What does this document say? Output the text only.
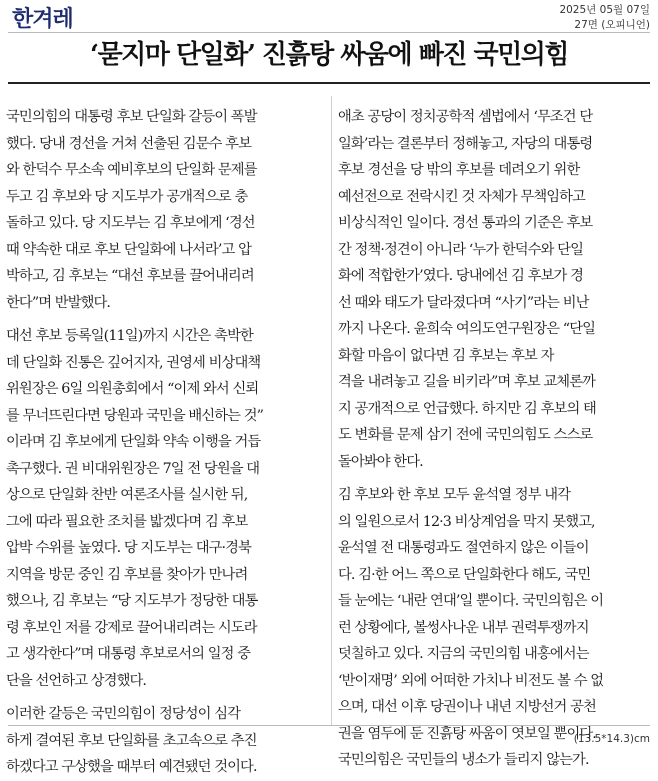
한겨레	2025년 05월 07일
27면 (오피니언)
‘묻지마 단일화’ 진흙탕 싸움에 빠진 국민의힘

국민의힘의 대통령 후보 단일화 갈등이 폭발
했다. 당내 경선을 거쳐 선출된 김문수 후보
와 한덕수 무소속 예비후보의 단일화 문제를
두고 김 후보와 당 지도부가 공개적으로 충
돌하고 있다. 당 지도부는 김 후보에게 ‘경선
때 약속한 대로 후보 단일화에 나서라’고 압
박하고, 김 후보는 “대선 후보를 끌어내리려
한다”며 반발했다.

대선 후보 등록일(11일)까지 시간은 촉박한
데 단일화 진통은 깊어지자, 권영세 비상대책
위원장은 6일 의원총회에서 “이제 와서 신뢰
를 무너뜨린다면 당원과 국민을 배신하는 것”
이라며 김 후보에게 단일화 약속 이행을 거듭
촉구했다. 권 비대위원장은 7일 전 당원을 대
상으로 단일화 찬반 여론조사를 실시한 뒤,
그에 따라 필요한 조치를 밟겠다며 김 후보
압박 수위를 높였다. 당 지도부는 대구·경북
지역을 방문 중인 김 후보를 찾아가 만나려
했으나, 김 후보는 “당 지도부가 정당한 대통
령 후보인 저를 강제로 끌어내리려는 시도라
고 생각한다”며 대통령 후보로서의 일정 중
단을 선언하고 상경했다.

이러한 갈등은 국민의힘이 정당성이 심각
하게 결여된 후보 단일화를 초고속으로 추진
하겠다고 구상했을 때부터 예견됐던 것이다.

애초 공당이 정치공학적 셈법에서 ‘무조건 단
일화’라는 결론부터 정해놓고, 자당의 대통령
후보 경선을 당 밖의 후보를 데려오기 위한
예선전으로 전락시킨 것 자체가 무책임하고
비상식적인 일이다. 경선 통과의 기준은 후보
간 정책·정견이 아니라 ‘누가 한덕수와 단일
화에 적합한가’였다. 당내에선 김 후보가 경
선 때와 태도가 달라졌다며 “사기”라는 비난
까지 나온다. 윤희숙 여의도연구원장은 “단일
화할 마음이 없다면 김 후보는 후보 자
격을 내려놓고 길을 비키라”며 후보 교체론까
지 공개적으로 언급했다. 하지만 김 후보의 태
도 변화를 문제 삼기 전에 국민의힘도 스스로
돌아봐야 한다.

김 후보와 한 후보 모두 윤석열 정부 내각
의 일원으로서 12·3 비상계엄을 막지 못했고,
윤석열 전 대통령과도 절연하지 않은 이들이
다. 김·한 어느 쪽으로 단일화한다 해도, 국민
들 눈에는 ‘내란 연대’일 뿐이다. 국민의힘은 이
런 상황에다, 볼썽사나운 내부 권력투쟁까지
덧칠하고 있다. 지금의 국민의힘 내홍에서는
‘반이재명’ 외에 어떠한 가치나 비전도 볼 수 없
으며, 대선 이후 당권이나 내년 지방선거 공천
권을 염두에 둔 진흙탕 싸움이 엿보일 뿐이다.
국민의힘은 국민들의 냉소가 들리지 않는가.

(13.5*14.3)cm
